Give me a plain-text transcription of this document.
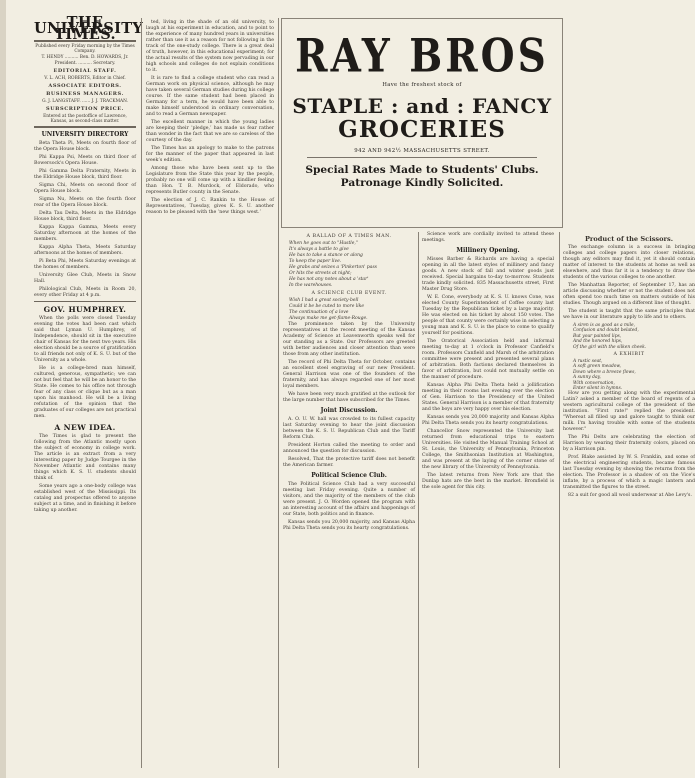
THE UNIVERSITY TIMES.
Published every Friday morning by the Times Company.
T. HENDY .......... Ben. D. HOWARDS, Jr.
President. .......... Secretary.
EDITORIAL STAFF.
V. L. ACH, ROBERTS, Editor in Chief.
ASSOCIATE EDITORS.
BUSINESS MANAGERS.
G. J. LANGSTAFF. ...... J. J. TRACKMAN.
SUBSCRIPTION PRICE.
Entered at the postoffice of Lawrence, Kansas, as second-class matter.
UNIVERSITY DIRECTORY

Beta Theta Pi, Meets on fourth floor of the Opera House block.

Phi Kappa Psi, Meets on third floor of Bowersock's Opera House.

Phi Gamma Delta Fraternity, Meets in the Eldridge House block, third floor.

Sigma Chi, Meets on second floor of Opera House block.

Sigma Nu, Meets on the fourth floor rear of the Opera House block.

Delta Tau Delta, Meets in the Eldridge House block, third floor.

Kappa Kappa Gamma, Meets every Saturday afternoon at the homes of the members.

Kappa Alpha Theta, Meets Saturday afternoons at the homes of members.

Pi Beta Phi, Meets Saturday evenings at the homes of members.

University Glee Club, Meets in Snow Hall.

Philological Club, Meets in Room 20, every other Friday at 4 p.m.

GOV. HUMPHREY.

When the polls were closed Tuesday evening the votes had been cast which said that Lyman U. Humphrey, of Independence, should sit in the executive chair of Kansas for the next two years. His election should be a source of gratification to all friends not only of K. S. U. but of the University as a whole.

He is a college-bred man himself, cultured, generous, sympathetic; we can not but feel that he will be an honor to the State. He comes to his office not through fear of any class or clique but as a man upon his manhood. He will be a living refutation of the opinion that the graduates of our colleges are not practical men.

A NEW IDEA.

The Times is glad to present the following from the Atlantic mostly upon the subject of economy in college work. The article is an extract from a very interesting paper by Judge Tourgee in the November Atlantic and contains many things which K. S. U. students should think of.

Some years ago a one-body college was established west of the Mississippi. Its catalog and prospectus offered to anyone subject at a time, and in finishing it before taking up another.

ted, living in the shade of an old university, to laugh at his experiment in education, and to point to the experience of many hundred years in universities rather than use it as a reason for not following in the track of the one-study college. There is a great deal of truth, however, in this educational experiment; for the actual results of the system now pervading in our high schools and colleges do not explain conditions to it.

It is rare to find a college student who can read a German work on physical science, although he may have taken several German studies during his college course. If the same student had been placed in Germany for a term, he would have been able to make himself understood in ordinary conversation, and to read a German newspaper.

The excellent manner in which the young ladies are keeping their ‘pledge,’ has made us fear rather than wonder in the fact that we are so careless of the courtesy of the day.

The Times has an apology to make to the patrons for the manner of the paper that appeared in last week’s edition.

Among those who have been sent up to the Legislature from the State this year by the people, probably no one will come up with a kindlier feeling than Hon. T. B. Murdock, of Eldorado, who represents Butler county in the Senate.

The election of J. C. Rankin to the House of Representatives, Tuesday, gives K. S. U. another reason to be pleased with the ‘new things west.’

RAY BROS
Have the freshest stock of
STAPLE : and : FANCY
GROCERIES
942 AND 942½ MASSACHUSETTS STREET.
Special Rates Made to Students' Clubs. Patronage Kindly Solicited.
A BALLAD OF A TIMES MAN.
When he goes out to "Hustle,"
It's always a battle to give
He has to take a stance or along
To keep the paper live.
He grabs and seizes a 'Pinkerton' pass
Or hits the streets at night;
He has not any notes about a 'star'
In the warehouses.
A SCIENCE CLUB EVENT.
Wish I had a great society-bell
Could it be be cuted to more like
The continuation of a love
Always make me get-flame-Rouge.

The prominence taken by the University representatives at the recent meeting of the Kansas Academy of Science at Leavenworth speaks well for our standing as a State. Our Professors are greeted with better audiences and closer attention than were those from any other institution.

The record of Phi Delta Theta for October, contains an excellent steel engraving of our new President. General Harrison was one of the founders of the fraternity, and has always regarded one of her most loyal members.

We have been very much gratified at the outlook for the large number that have subscribed for the Times.

Joint Discussion.

A. O. U. W. hall was crowded to its fullest capacity last Saturday evening to hear the joint discussion between the K. S. U. Republican Club and the Tariff Reform Club.

President Horton called the meeting to order and announced the question for discussion.

Resolved, That the protective tariff does not benefit the American farmer.

Political Science Club.

The Political Science Club had a very successful meeting last Friday evening. Quite a number of visitors, and the majority of the members of the club were present. J. O. Worden opened the program with an interesting account of the affairs and happenings of our State, both politics and in finance.

Kansas sends you 20,000 majority, and Kansas Alpha Phi Delta Theta sends you its hearty congratulations.

Science work are cordially invited to attend these meetings.

Millinery Opening.

Misses Barber & Richards are having a special opening in all the latest styles of millinery and fancy goods. A new stock of fall and winter goods just received. Special bargains to-day to-morrow. Students trade kindly solicited. 835 Massachusetts street, First Master Drug Store.

W. E. Cone, everybody at K. S. U. knows Cone, was elected County Superintendent of Coffee county last Tuesday by the Republican ticket by a large majority. He was elected on his ticket by about 150 votes. The people of that county were certainly wise in selecting a young man and K. S. U. is the place to come to qualify yourself for positions.

The Oratorical Association held and informal meeting to-day at 1 o'clock in Professor Canfield's room. Professors Canfield and Marsh of the arbitration committee were present and presented several plans of arbitration. Both factions declared themselves in favor of arbitration, but could not mutually settle on the manner of procedure.

Kansas Alpha Phi Delta Theta held a jollification meeting in their rooms last evening over the election of Gen. Harrison to the Presidency of the United States. General Harrison is a member of that fraternity and the boys are very happy over his election.

Kansas sends you 20,000 majority and Kansas Alpha Phi Delta Theta sends you its hearty congratulations.

Chancellor Snow represented the University last returned from educational trips to eastern Universities. He visited the Manual Training School at St. Louis, the University of Pennsylvania, Princeton College, the Smithsonian Institution at Washington, and was present at the laying of the corner stone of the new library of the University of Pennsylvania.

The latest returns from New York are that the Dunlap hats are the best in the market. Bromfield is the sole agent for this city.

Product of the Scissors.

The exchange column is a success in bringing colleges and college papers into closer relations, though any editors may find it, yet it should contain matter of interest to the students at home as well as elsewhere, and thus far it is a tendency to draw the students of the various colleges to one another.

The Manhattan Reporter, of September 17, has an article discussing whether or not the student does not often spend too much time on matters outside of his studies. Though argued on a different line of thought.

The student is taught that the same principles that we have in our literature apply to life and to others.

A siren is as good as a mile,
Confusion and doubt belated,
But your painted lips,
And the honored hips,
Of the girl with the silken cheek.
A EXHIBIT
A rustic seat,
A soft green meadow,
Down where a breeze flows,
A sunny day,
With conversation,
Enter silent in hymns.

How are you getting along with the experimental Latin? asked a member of the board of regents of a western agricultural college of the president of the institution. "First rate!" replied the president. "Whereat all filled up and galore taught to think our milk. I'm having trouble with some of the students however."

The Phi Delts are celebrating the election of Harrison by wearing their fraternity colors, placed on by a Harrison pin.

Prof. Blake assisted by W. S. Franklin, and some of the electrical engineering students, became famous last Tuesday evening by showing the returns from the election. The Professor is a shadow of on the Vice's inflate, by a process of which a magic lantern and transmitted the figures to the street.

82 a suit for good all wool underwear at Abe Levy's.
